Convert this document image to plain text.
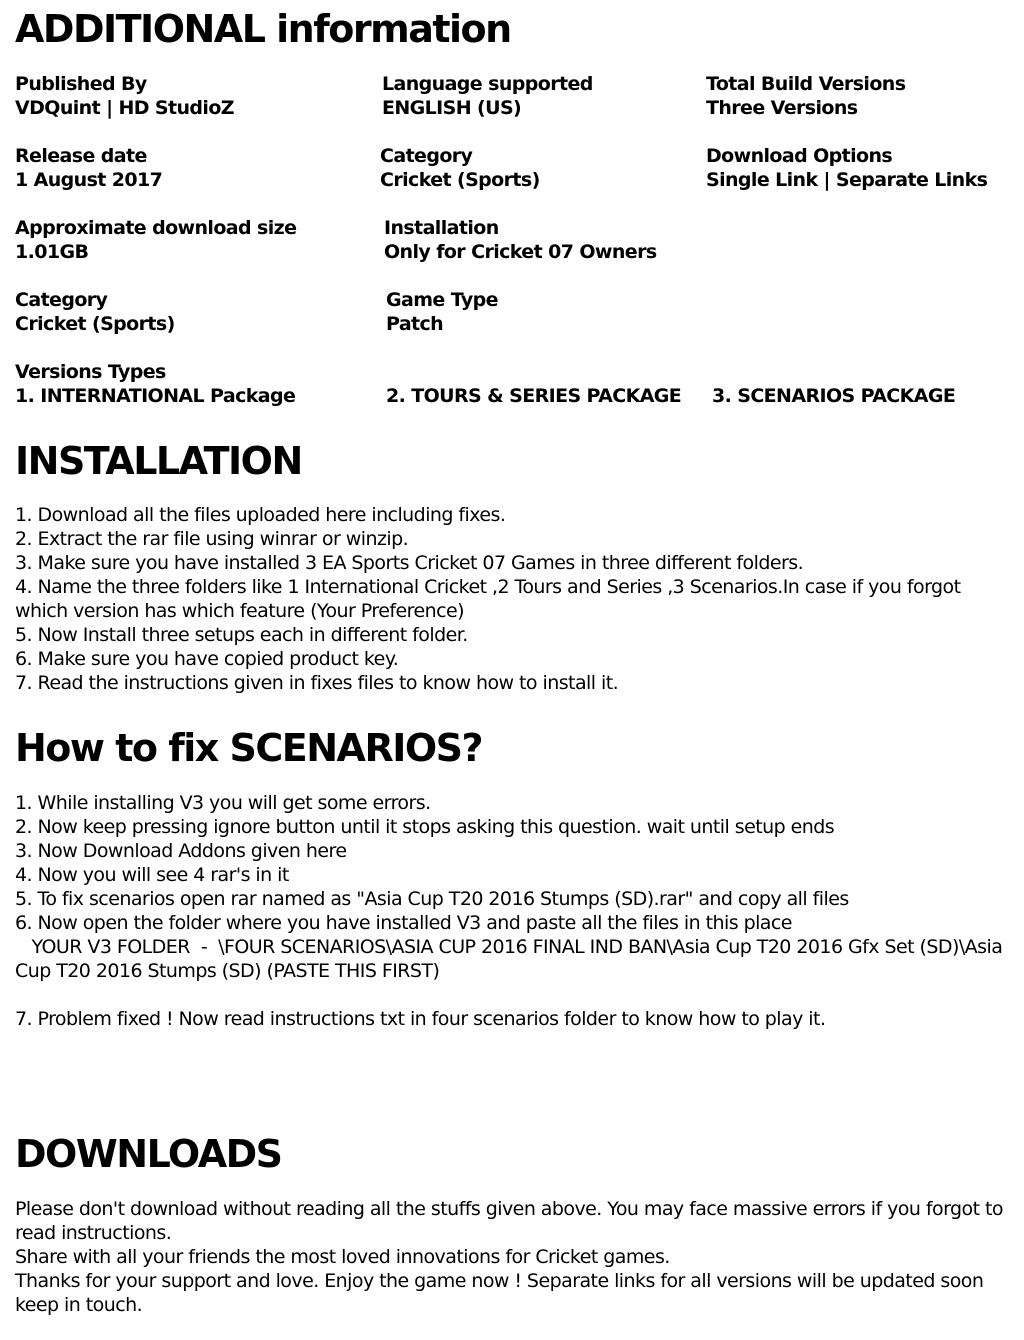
ADDITIONAL information
Published By
VDQuint | HD StudioZ
Language supported
ENGLISH (US)
Total Build Versions
Three Versions
Release date
1 August 2017
Category
Cricket (Sports)
Download Options
Single Link | Separate Links
Approximate download size
1.01GB
Installation
Only for Cricket 07 Owners
Category
Cricket (Sports)
Game Type
Patch
Versions Types
1. INTERNATIONAL Package	2. TOURS & SERIES PACKAGE 3. SCENARIOS PACKAGE
INSTALLATION
1. Download all the files uploaded here including fixes.
2. Extract the rar file using winrar or winzip.
3. Make sure you have installed 3 EA Sports Cricket 07 Games in three different folders.
4. Name the three folders like 1 International Cricket ,2 Tours and Series ,3 Scenarios.In case if you forgot which version has which feature (Your Preference)
5. Now Install three setups each in different folder.
6. Make sure you have copied product key.
7. Read the instructions given in fixes files to know how to install it.
How to fix SCENARIOS?
1. While installing V3 you will get some errors.
2. Now keep pressing ignore button until it stops asking this question. wait until setup ends
3. Now Download Addons given here
4. Now you will see 4 rar's in it
5. To fix scenarios open rar named as "Asia Cup T20 2016 Stumps (SD).rar" and copy all files
6. Now open the folder where you have installed V3 and paste all the files in this place
YOUR V3 FOLDER  -  \FOUR SCENARIOS\ASIA CUP 2016 FINAL IND BAN\Asia Cup T20 2016 Gfx Set (SD)\Asia Cup T20 2016 Stumps (SD) (PASTE THIS FIRST)
7. Problem fixed ! Now read instructions txt in four scenarios folder to know how to play it.
DOWNLOADS
Please don't download without reading all the stuffs given above. You may face massive errors if you forgot to read instructions.
Share with all your friends the most loved innovations for Cricket games.
Thanks for your support and love. Enjoy the game now ! Separate links for all versions will be updated soon keep in touch.
